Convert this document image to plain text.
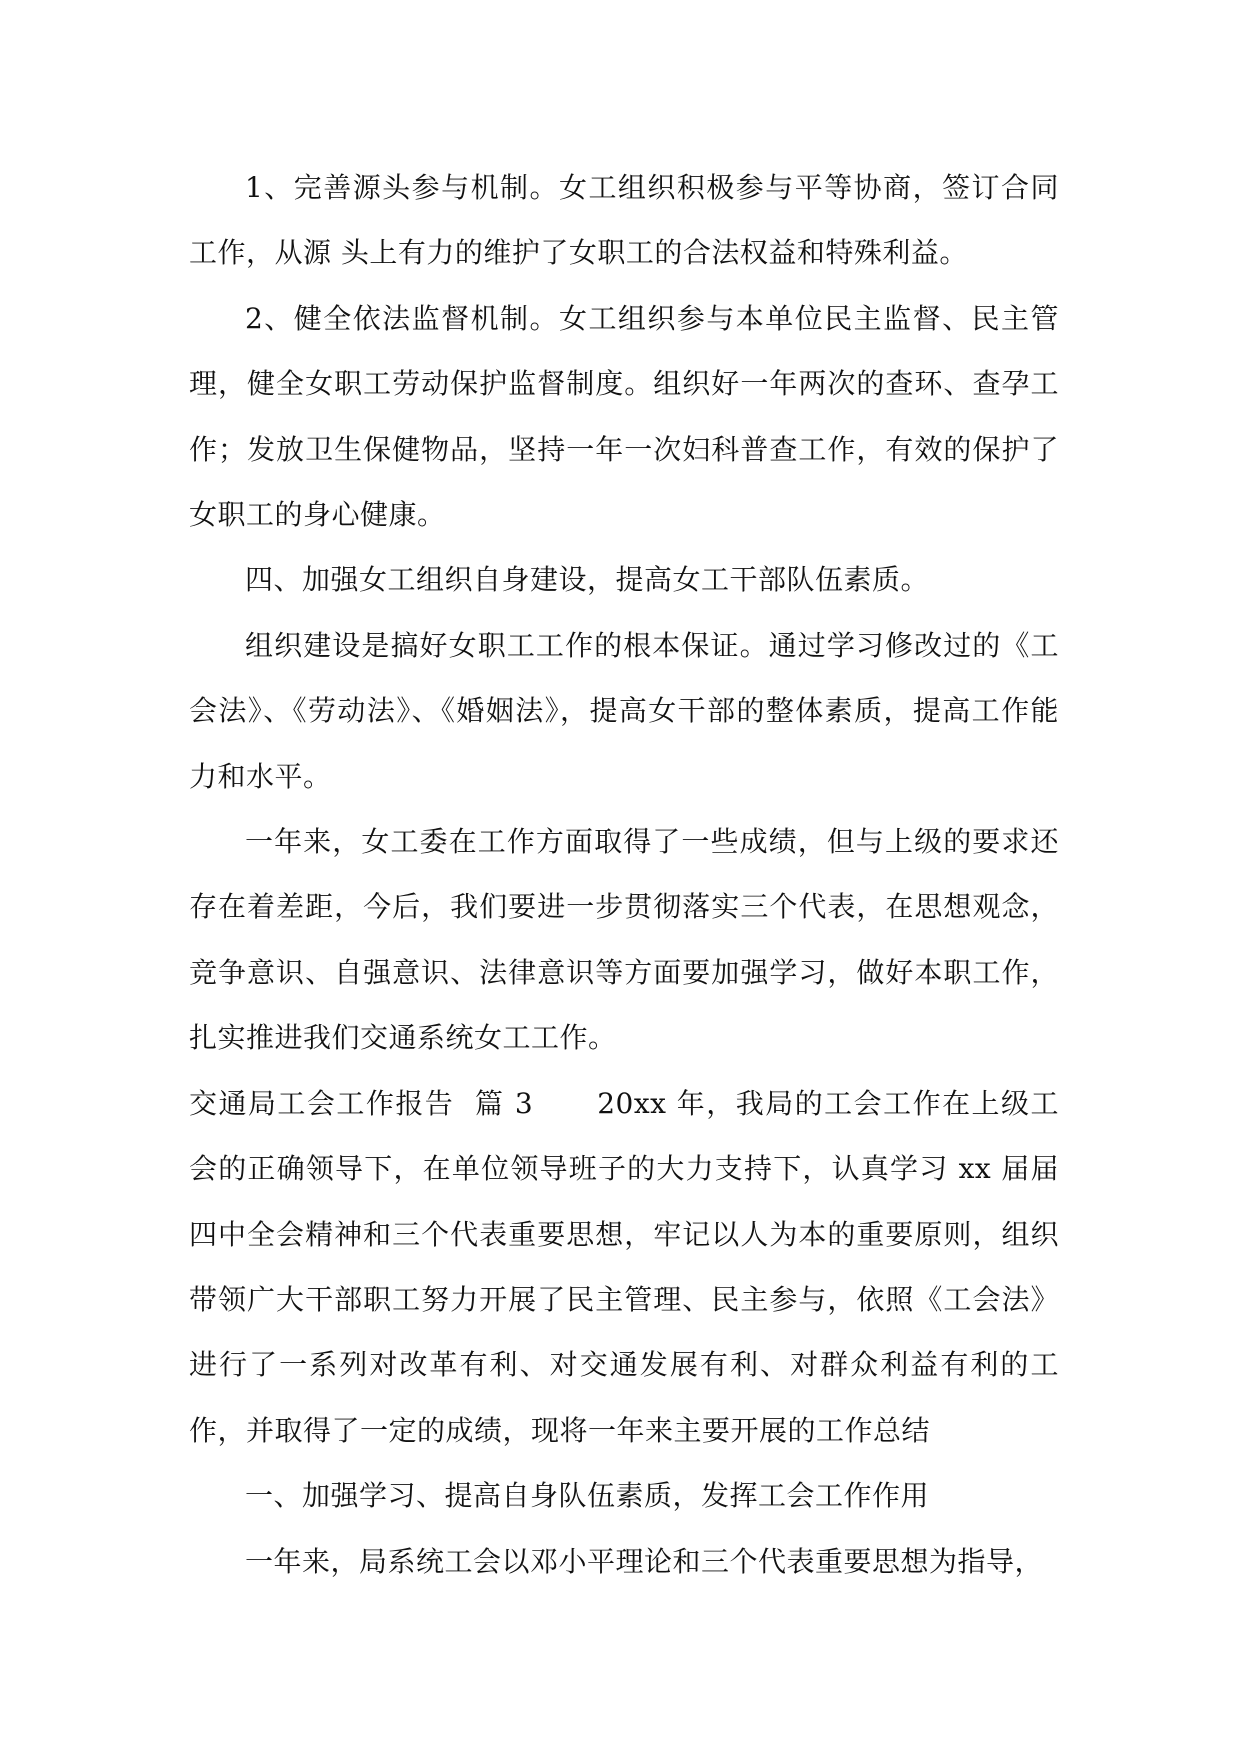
1、完善源头参与机制。女工组织积极参与平等协商，签订合同工作，从源 头上有力的维护了女职工的合法权益和特殊利益。

2、健全依法监督机制。女工组织参与本单位民主监督、民主管理，健全女职工劳动保护监督制度。组织好一年两次的查环、查孕工作；发放卫生保健物品，坚持一年一次妇科普查工作，有效的保护了女职工的身心健康。

四、加强女工组织自身建设，提高女工干部队伍素质。

组织建设是搞好女职工工作的根本保证。通过学习修改过的《工会法》、《劳动法》、《婚姻法》，提高女干部的整体素质，提高工作能力和水平。

一年来，女工委在工作方面取得了一些成绩，但与上级的要求还存在着差距，今后，我们要进一步贯彻落实三个代表，在思想观念，竞争意识、自强意识、法律意识等方面要加强学习，做好本职工作，扎实推进我们交通系统女工工作。

交通局工会工作报告  篇 3 20xx 年，我局的工会工作在上级工会的正确领导下，在单位领导班子的大力支持下，认真学习 xx 届届四中全会精神和三个代表重要思想，牢记以人为本的重要原则，组织带领广大干部职工努力开展了民主管理、民主参与，依照《工会法》进行了一系列对改革有利、对交通发展有利、对群众利益有利的工作，并取得了一定的成绩，现将一年来主要开展的工作总结

一、加强学习、提高自身队伍素质，发挥工会工作作用

一年来，局系统工会以邓小平理论和三个代表重要思想为指导，
